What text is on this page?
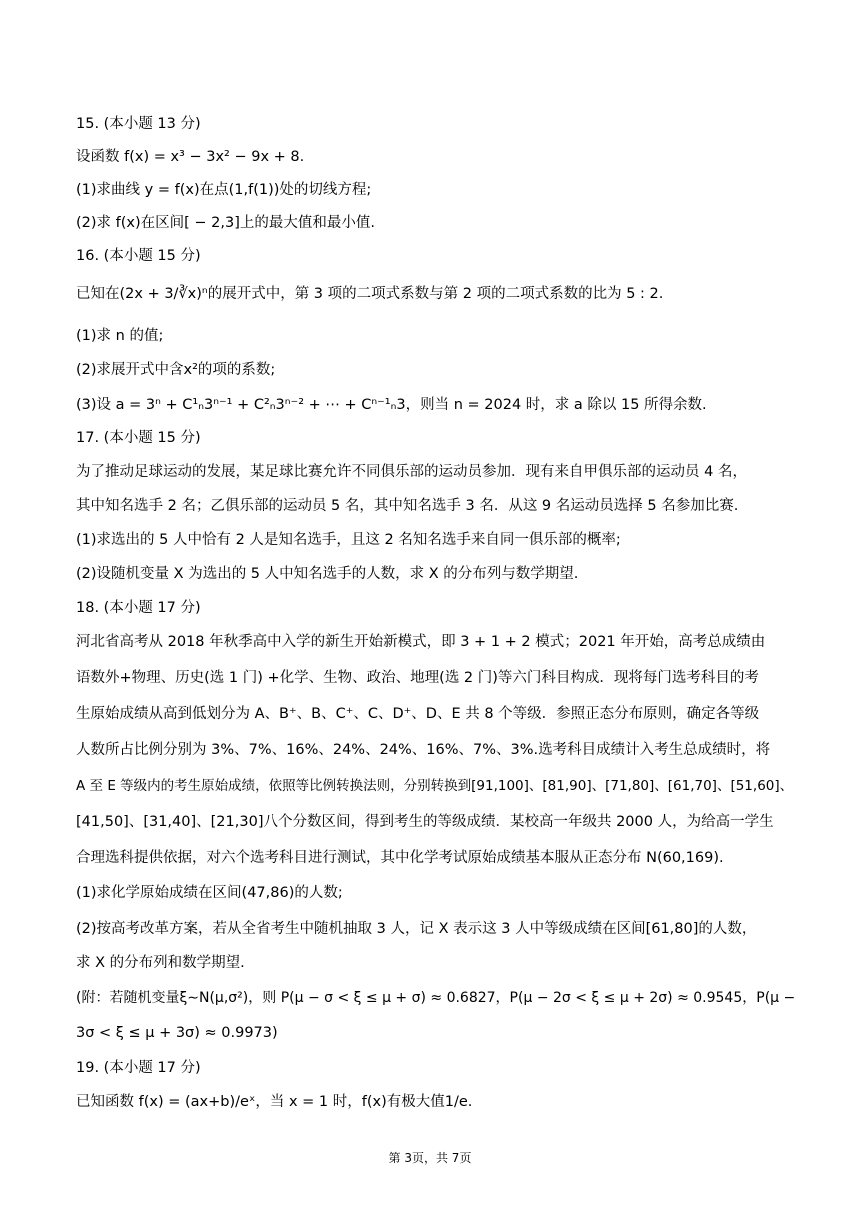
15. (本小题 13 分)
设函数 f(x) = x³ − 3x² − 9x + 8.
(1)求曲线 y = f(x)在点(1,f(1))处的切线方程;
(2)求 f(x)在区间[ − 2,3]上的最大值和最小值.
16. (本小题 15 分)
已知在(2x + 3/∛x)ⁿ的展开式中，第 3 项的二项式系数与第 2 项的二项式系数的比为 5 : 2.
(1)求 n 的值;
(2)求展开式中含x²的项的系数;
(3)设 a = 3ⁿ + C¹ₙ3ⁿ⁻¹ + C²ₙ3ⁿ⁻² + ⋯ + Cⁿ⁻¹ₙ3，则当 n = 2024 时，求 a 除以 15 所得余数.
17. (本小题 15 分)
为了推动足球运动的发展，某足球比赛允许不同俱乐部的运动员参加．现有来自甲俱乐部的运动员 4 名，
其中知名选手 2 名；乙俱乐部的运动员 5 名，其中知名选手 3 名．从这 9 名运动员选择 5 名参加比赛.
(1)求选出的 5 人中恰有 2 人是知名选手，且这 2 名知名选手来自同一俱乐部的概率;
(2)设随机变量 X 为选出的 5 人中知名选手的人数，求 X 的分布列与数学期望.
18. (本小题 17 分)
河北省高考从 2018 年秋季高中入学的新生开始新模式，即 3 + 1 + 2 模式；2021 年开始，高考总成绩由
语数外+物理、历史(选 1 门) +化学、生物、政治、地理(选 2 门)等六门科目构成．现将每门选考科目的考
生原始成绩从高到低划分为 A、B⁺、B、C⁺、C、D⁺、D、E 共 8 个等级．参照正态分布原则，确定各等级
人数所占比例分别为 3%、7%、16%、24%、24%、16%、7%、3%.选考科目成绩计入考生总成绩时，将
A 至 E 等级内的考生原始成绩，依照等比例转换法则，分别转换到[91,100]、[81,90]、[71,80]、[61,70]、[51,60]、
[41,50]、[31,40]、[21,30]八个分数区间，得到考生的等级成绩．某校高一年级共 2000 人，为给高一学生
合理选科提供依据，对六个选考科目进行测试，其中化学考试原始成绩基本服从正态分布 N(60,169).
(1)求化学原始成绩在区间(47,86)的人数;
(2)按高考改革方案，若从全省考生中随机抽取 3 人，记 X 表示这 3 人中等级成绩在区间[61,80]的人数，
求 X 的分布列和数学期望.
(附：若随机变量ξ∼N(μ,σ²)，则 P(μ − σ < ξ ≤ μ + σ) ≈ 0.6827，P(μ − 2σ < ξ ≤ μ + 2σ) ≈ 0.9545，P(μ −
3σ < ξ ≤ μ + 3σ) ≈ 0.9973)
19. (本小题 17 分)
已知函数 f(x) = (ax+b)/eˣ，当 x = 1 时，f(x)有极大值1/e.
第 3页，共 7页
